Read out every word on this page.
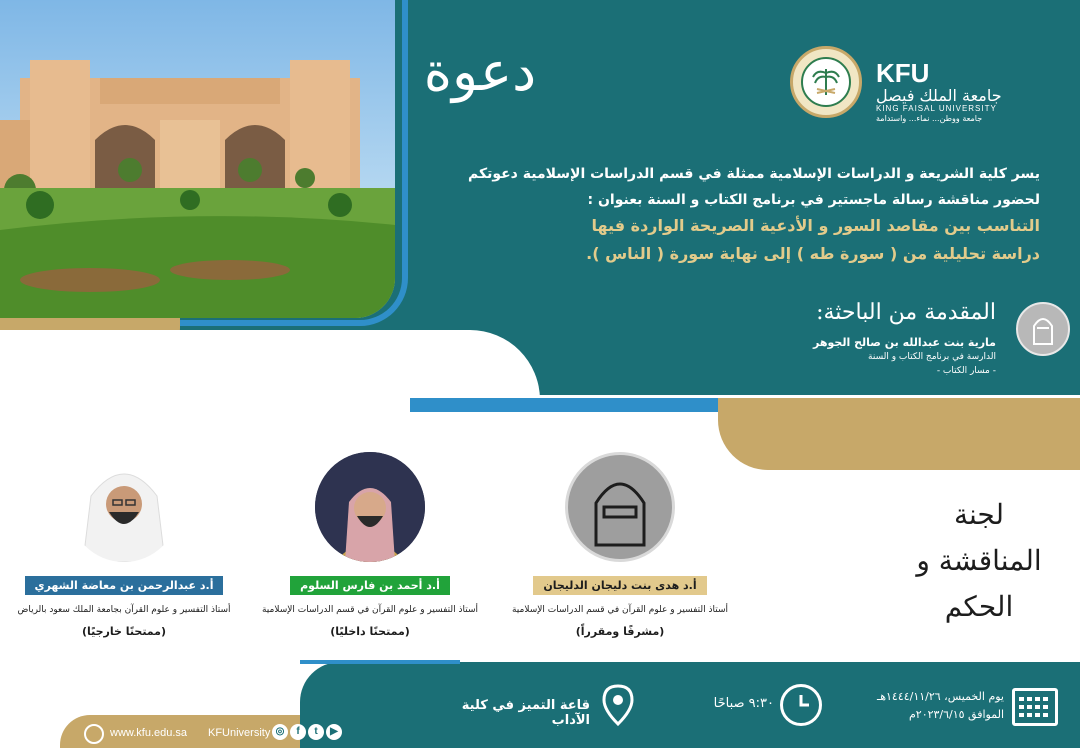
KFU
جامعة الملك فيصل
KING FAISAL UNIVERSITY
جامعة ووطن... نماء... واستدامة
دعوة
يسر كلية الشريعة و الدراسات الإسلامية ممثلة في قسم الدراسات الإسلامية دعوتكم
لحضور مناقشة رسالة ماجستير في برنامج الكتاب و السنة بعنوان :
التناسب بين مقاصد السور و الأدعية الصريحة الواردة فيها
دراسة تحليلية من ( سورة طه ) إلى نهاية سورة ( الناس ).
المقدمة من الباحثة:
مارية بنت عبدالله بن صالح الجوهر
الدارسة في برنامج الكتاب و السنة
- مسار الكتاب -
لجنة المناقشة و الحكم
أ.د هدى بنت دليجان الدليجان
أستاذ التفسير و علوم القرآن في قسم الدراسات الإسلامية
(مشرفًا ومقرراً)
أ.د أحمد بن فارس السلوم
أستاذ التفسير و علوم القرآن في قسم الدراسات الإسلامية
(ممتحنًا داخليًا)
أ.د عبدالرحمن بن معاضة الشهري
أستاذ التفسير و علوم القرآن بجامعة الملك سعود بالرياض
(ممتحنًا خارجيًا)
يوم الخميس، ١٤٤٤/١١/٢٦هـ
الموافق ٢٠٢٣/٦/١٥م
٩:٣٠ صباحًا
قاعة التميز في كلية الآداب
www.kfu.edu.sa KFUniversity ◎	f	t	▶
